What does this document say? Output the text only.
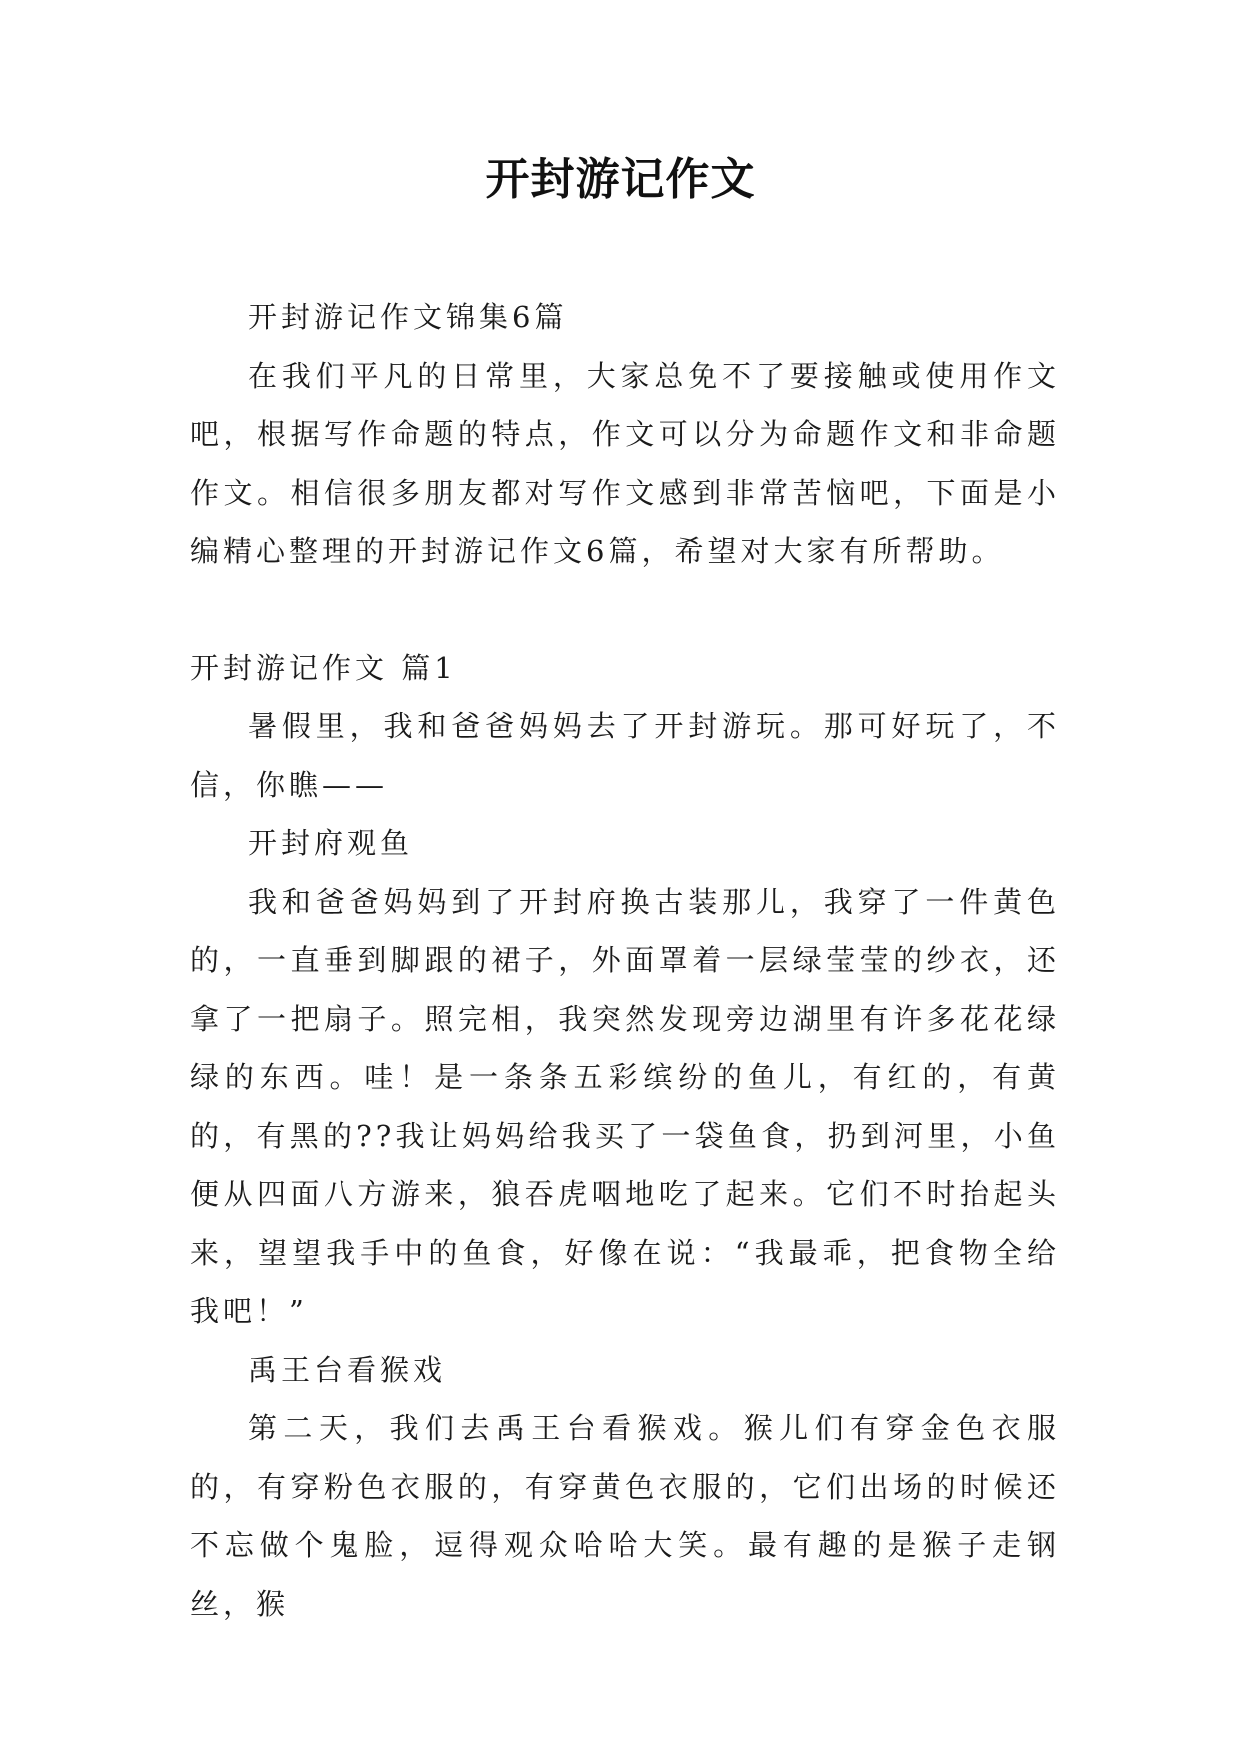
开封游记作文

开封游记作文锦集6篇

在我们平凡的日常里，大家总免不了要接触或使用作文吧，根据写作命题的特点，作文可以分为命题作文和非命题作文。相信很多朋友都对写作文感到非常苦恼吧，下面是小编精心整理的开封游记作文6篇，希望对大家有所帮助。

开封游记作文 篇1

暑假里，我和爸爸妈妈去了开封游玩。那可好玩了，不信，你瞧——

开封府观鱼

我和爸爸妈妈到了开封府换古装那儿，我穿了一件黄色的，一直垂到脚跟的裙子，外面罩着一层绿莹莹的纱衣，还拿了一把扇子。照完相，我突然发现旁边湖里有许多花花绿绿的东西。哇！是一条条五彩缤纷的鱼儿，有红的，有黄的，有黑的??我让妈妈给我买了一袋鱼食，扔到河里，小鱼便从四面八方游来，狼吞虎咽地吃了起来。它们不时抬起头来，望望我手中的鱼食，好像在说：“我最乖，把食物全给我吧！”

禹王台看猴戏

第二天，我们去禹王台看猴戏。猴儿们有穿金色衣服的，有穿粉色衣服的，有穿黄色衣服的，它们出场的时候还不忘做个鬼脸，逗得观众哈哈大笑。最有趣的是猴子走钢丝，猴
